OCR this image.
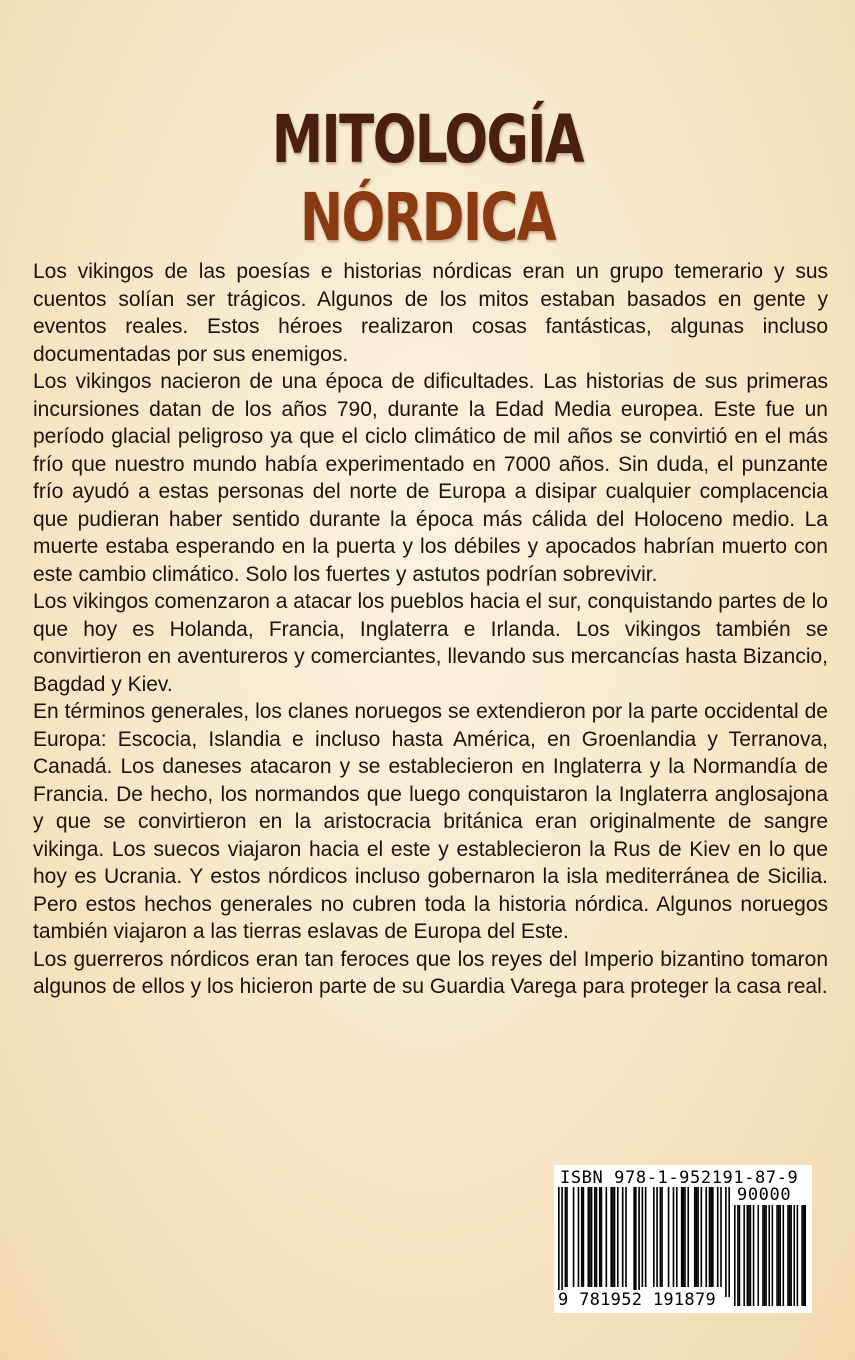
MITOLOGÍA
NÓRDICA

Los vikingos de las poesías e historias nórdicas eran un grupo temerario y sus cuentos solían ser trágicos. Algunos de los mitos estaban basados en gente y eventos reales. Estos héroes realizaron cosas fantásticas, algunas incluso documentadas por sus enemigos.

Los vikingos nacieron de una época de dificultades. Las historias de sus primeras incursiones datan de los años 790, durante la Edad Media europea. Este fue un período glacial peligroso ya que el ciclo climático de mil años se convirtió en el más frío que nuestro mundo había experimentado en 7000 años. Sin duda, el punzante frío ayudó a estas personas del norte de Europa a disipar cualquier complacencia que pudieran haber sentido durante la época más cálida del Holoceno medio. La muerte estaba esperando en la puerta y los débiles y apocados habrían muerto con este cambio climático. Solo los fuertes y astutos podrían sobrevivir.

Los vikingos comenzaron a atacar los pueblos hacia el sur, conquistando partes de lo que hoy es Holanda, Francia, Inglaterra e Irlanda. Los vikingos también se convirtieron en aventureros y comerciantes, llevando sus mercancías hasta Bizancio, Bagdad y Kiev.

En términos generales, los clanes noruegos se extendieron por la parte occidental de Europa: Escocia, Islandia e incluso hasta América, en Groenlandia y Terranova, Canadá. Los daneses atacaron y se establecieron en Inglaterra y la Normandía de Francia. De hecho, los normandos que luego conquistaron la Inglaterra anglosajona y que se convirtieron en la aristocracia británica eran originalmente de sangre vikinga. Los suecos viajaron hacia el este y establecieron la Rus de Kiev en lo que hoy es Ucrania. Y estos nórdicos incluso gobernaron la isla mediterránea de Sicilia. Pero estos hechos generales no cubren toda la historia nórdica. Algunos noruegos también viajaron a las tierras eslavas de Europa del Este.

Los guerreros nórdicos eran tan feroces que los reyes del Imperio bizantino tomaron algunos de ellos y los hicieron parte de su Guardia Varega para proteger la casa real.

ISBN 978-1-952191-87-9
90000
9 781952 191879
